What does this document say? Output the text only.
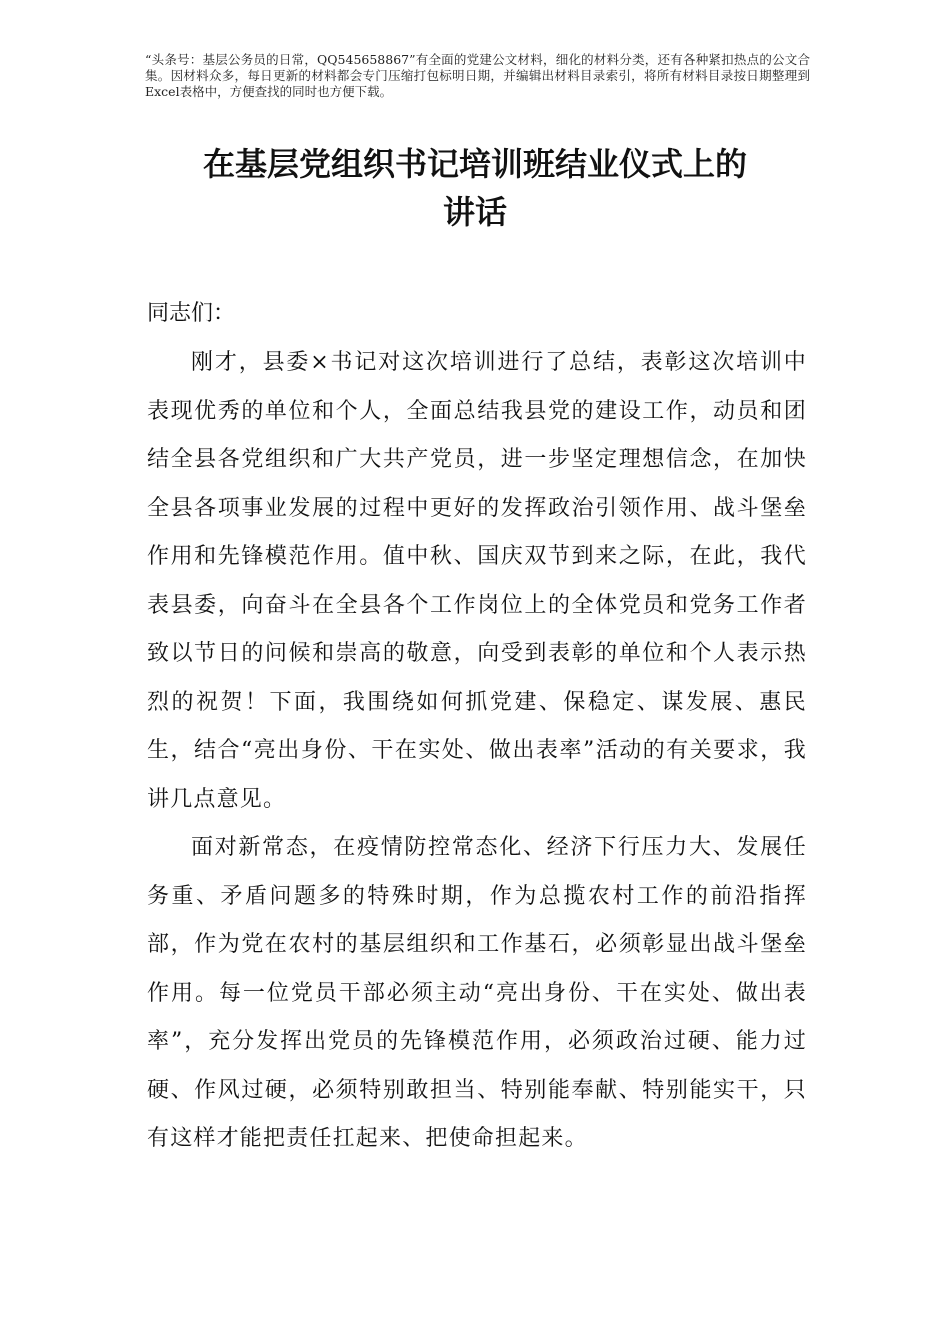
“头条号：基层公务员的日常，QQ545658867”有全面的党建公文材料，细化的材料分类，还有各种紧扣热点的公文合集。因材料众多，每日更新的材料都会专门压缩打包标明日期，并编辑出材料目录索引，将所有材料目录按日期整理到Excel表格中，方便查找的同时也方便下载。
在基层党组织书记培训班结业仪式上的
讲话
同志们：

刚才，县委×书记对这次培训进行了总结，表彰这次培训中表现优秀的单位和个人，全面总结我县党的建设工作，动员和团结全县各党组织和广大共产党员，进一步坚定理想信念，在加快全县各项事业发展的过程中更好的发挥政治引领作用、战斗堡垒作用和先锋模范作用。值中秋、国庆双节到来之际，在此，我代表县委，向奋斗在全县各个工作岗位上的全体党员和党务工作者致以节日的问候和崇高的敬意，向受到表彰的单位和个人表示热烈的祝贺！下面，我围绕如何抓党建、保稳定、谋发展、惠民生，结合“亮出身份、干在实处、做出表率”活动的有关要求，我讲几点意见。

面对新常态，在疫情防控常态化、经济下行压力大、发展任务重、矛盾问题多的特殊时期，作为总揽农村工作的前沿指挥部，作为党在农村的基层组织和工作基石，必须彰显出战斗堡垒作用。每一位党员干部必须主动“亮出身份、干在实处、做出表率”，充分发挥出党员的先锋模范作用，必须政治过硬、能力过硬、作风过硬，必须特别敢担当、特别能奉献、特别能实干，只有这样才能把责任扛起来、把使命担起来。
